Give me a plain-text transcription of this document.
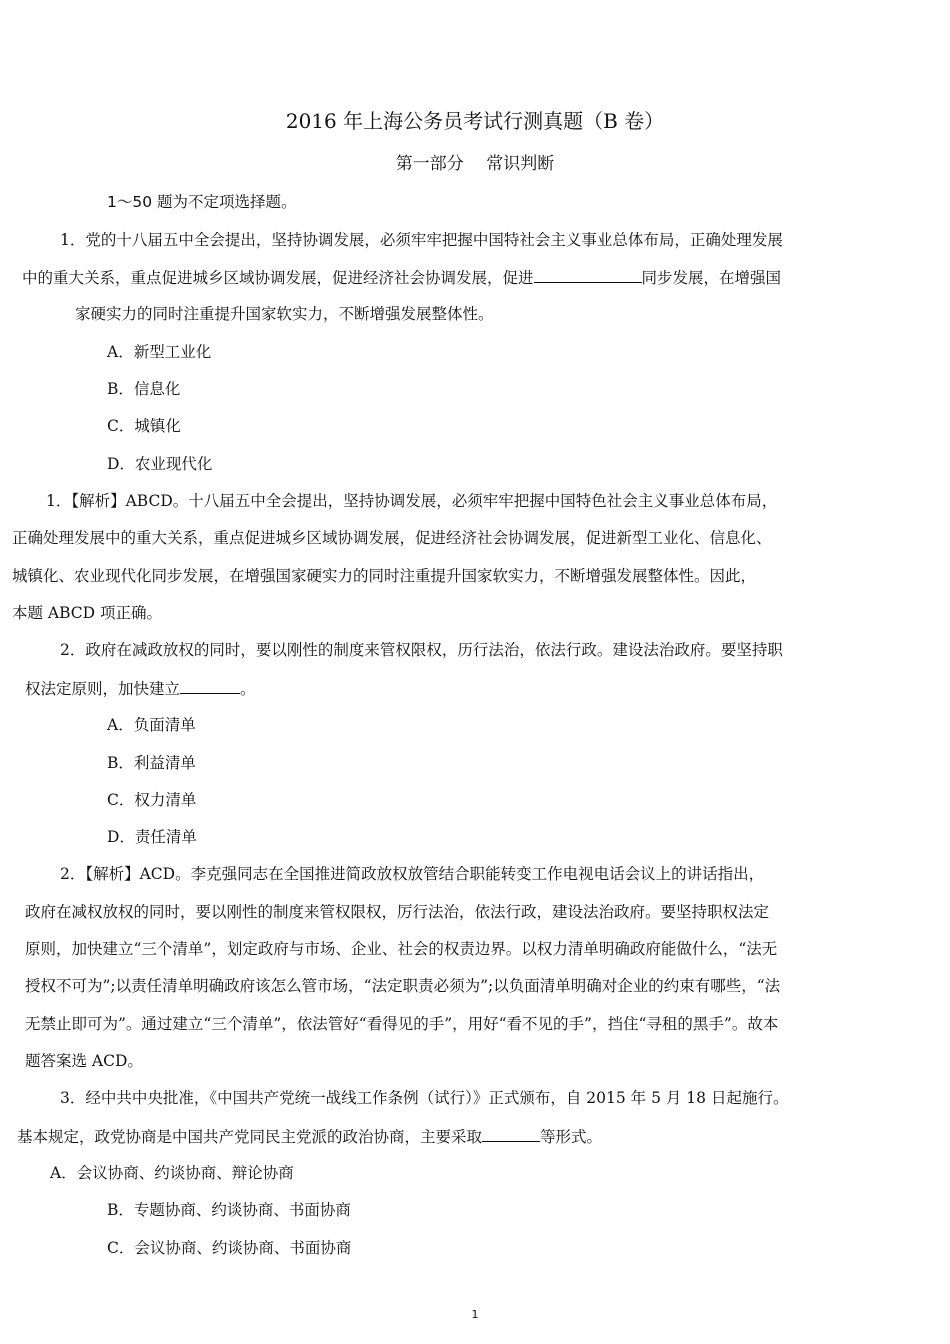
2016 年上海公务员考试行测真题（B 卷）
第一部分　 常识判断
1～50 题为不定项选择题。
1．党的十八届五中全会提出，坚持协调发展，必须牢牢把握中国特社会主义事业总体布局，正确处理发展
中的重大关系，重点促进城乡区域协调发展，促进经济社会协调发展，促进	同步发展，在增强国
家硬实力的同时注重提升国家软实力，不断增强发展整体性。
A．新型工业化
B．信息化
C．城镇化
D．农业现代化
1．【解析】ABCD。十八届五中全会提出，坚持协调发展，必须牢牢把握中国特色社会主义事业总体布局，
正确处理发展中的重大关系，重点促进城乡区域协调发展，促进经济社会协调发展，促进新型工业化、信息化、
城镇化、农业现代化同步发展，在增强国家硬实力的同时注重提升国家软实力，不断增强发展整体性。因此，
本题 ABCD 项正确。
2．政府在减政放权的同时，要以刚性的制度来管权限权，历行法治，依法行政。建设法治政府。要坚持职
权法定原则，加快建立	。
A．负面清单
B．利益清单
C．权力清单
D．责任清单
2．【解析】ACD。李克强同志在全国推进简政放权放管结合职能转变工作电视电话会议上的讲话指出，
政府在减权放权的同时，要以刚性的制度来管权限权，厉行法治，依法行政，建设法治政府。要坚持职权法定
原则，加快建立“三个清单”，划定政府与市场、企业、社会的权责边界。以权力清单明确政府能做什么，“法无
授权不可为”;以责任清单明确政府该怎么管市场，“法定职责必须为”;以负面清单明确对企业的约束有哪些，“法
无禁止即可为”。通过建立“三个清单”，依法管好“看得见的手”，用好“看不见的手”，挡住“寻租的黑手”。故本
题答案选 ACD。
3．经中共中央批准，《中国共产党统一战线工作条例（试行）》正式颁布，自 2015 年 5 月 18 日起施行。
基本规定，政党协商是中国共产党同民主党派的政治协商，主要采取	等形式。
A．会议协商、约谈协商、辩论协商
B．专题协商、约谈协商、书面协商
C．会议协商、约谈协商、书面协商
1
